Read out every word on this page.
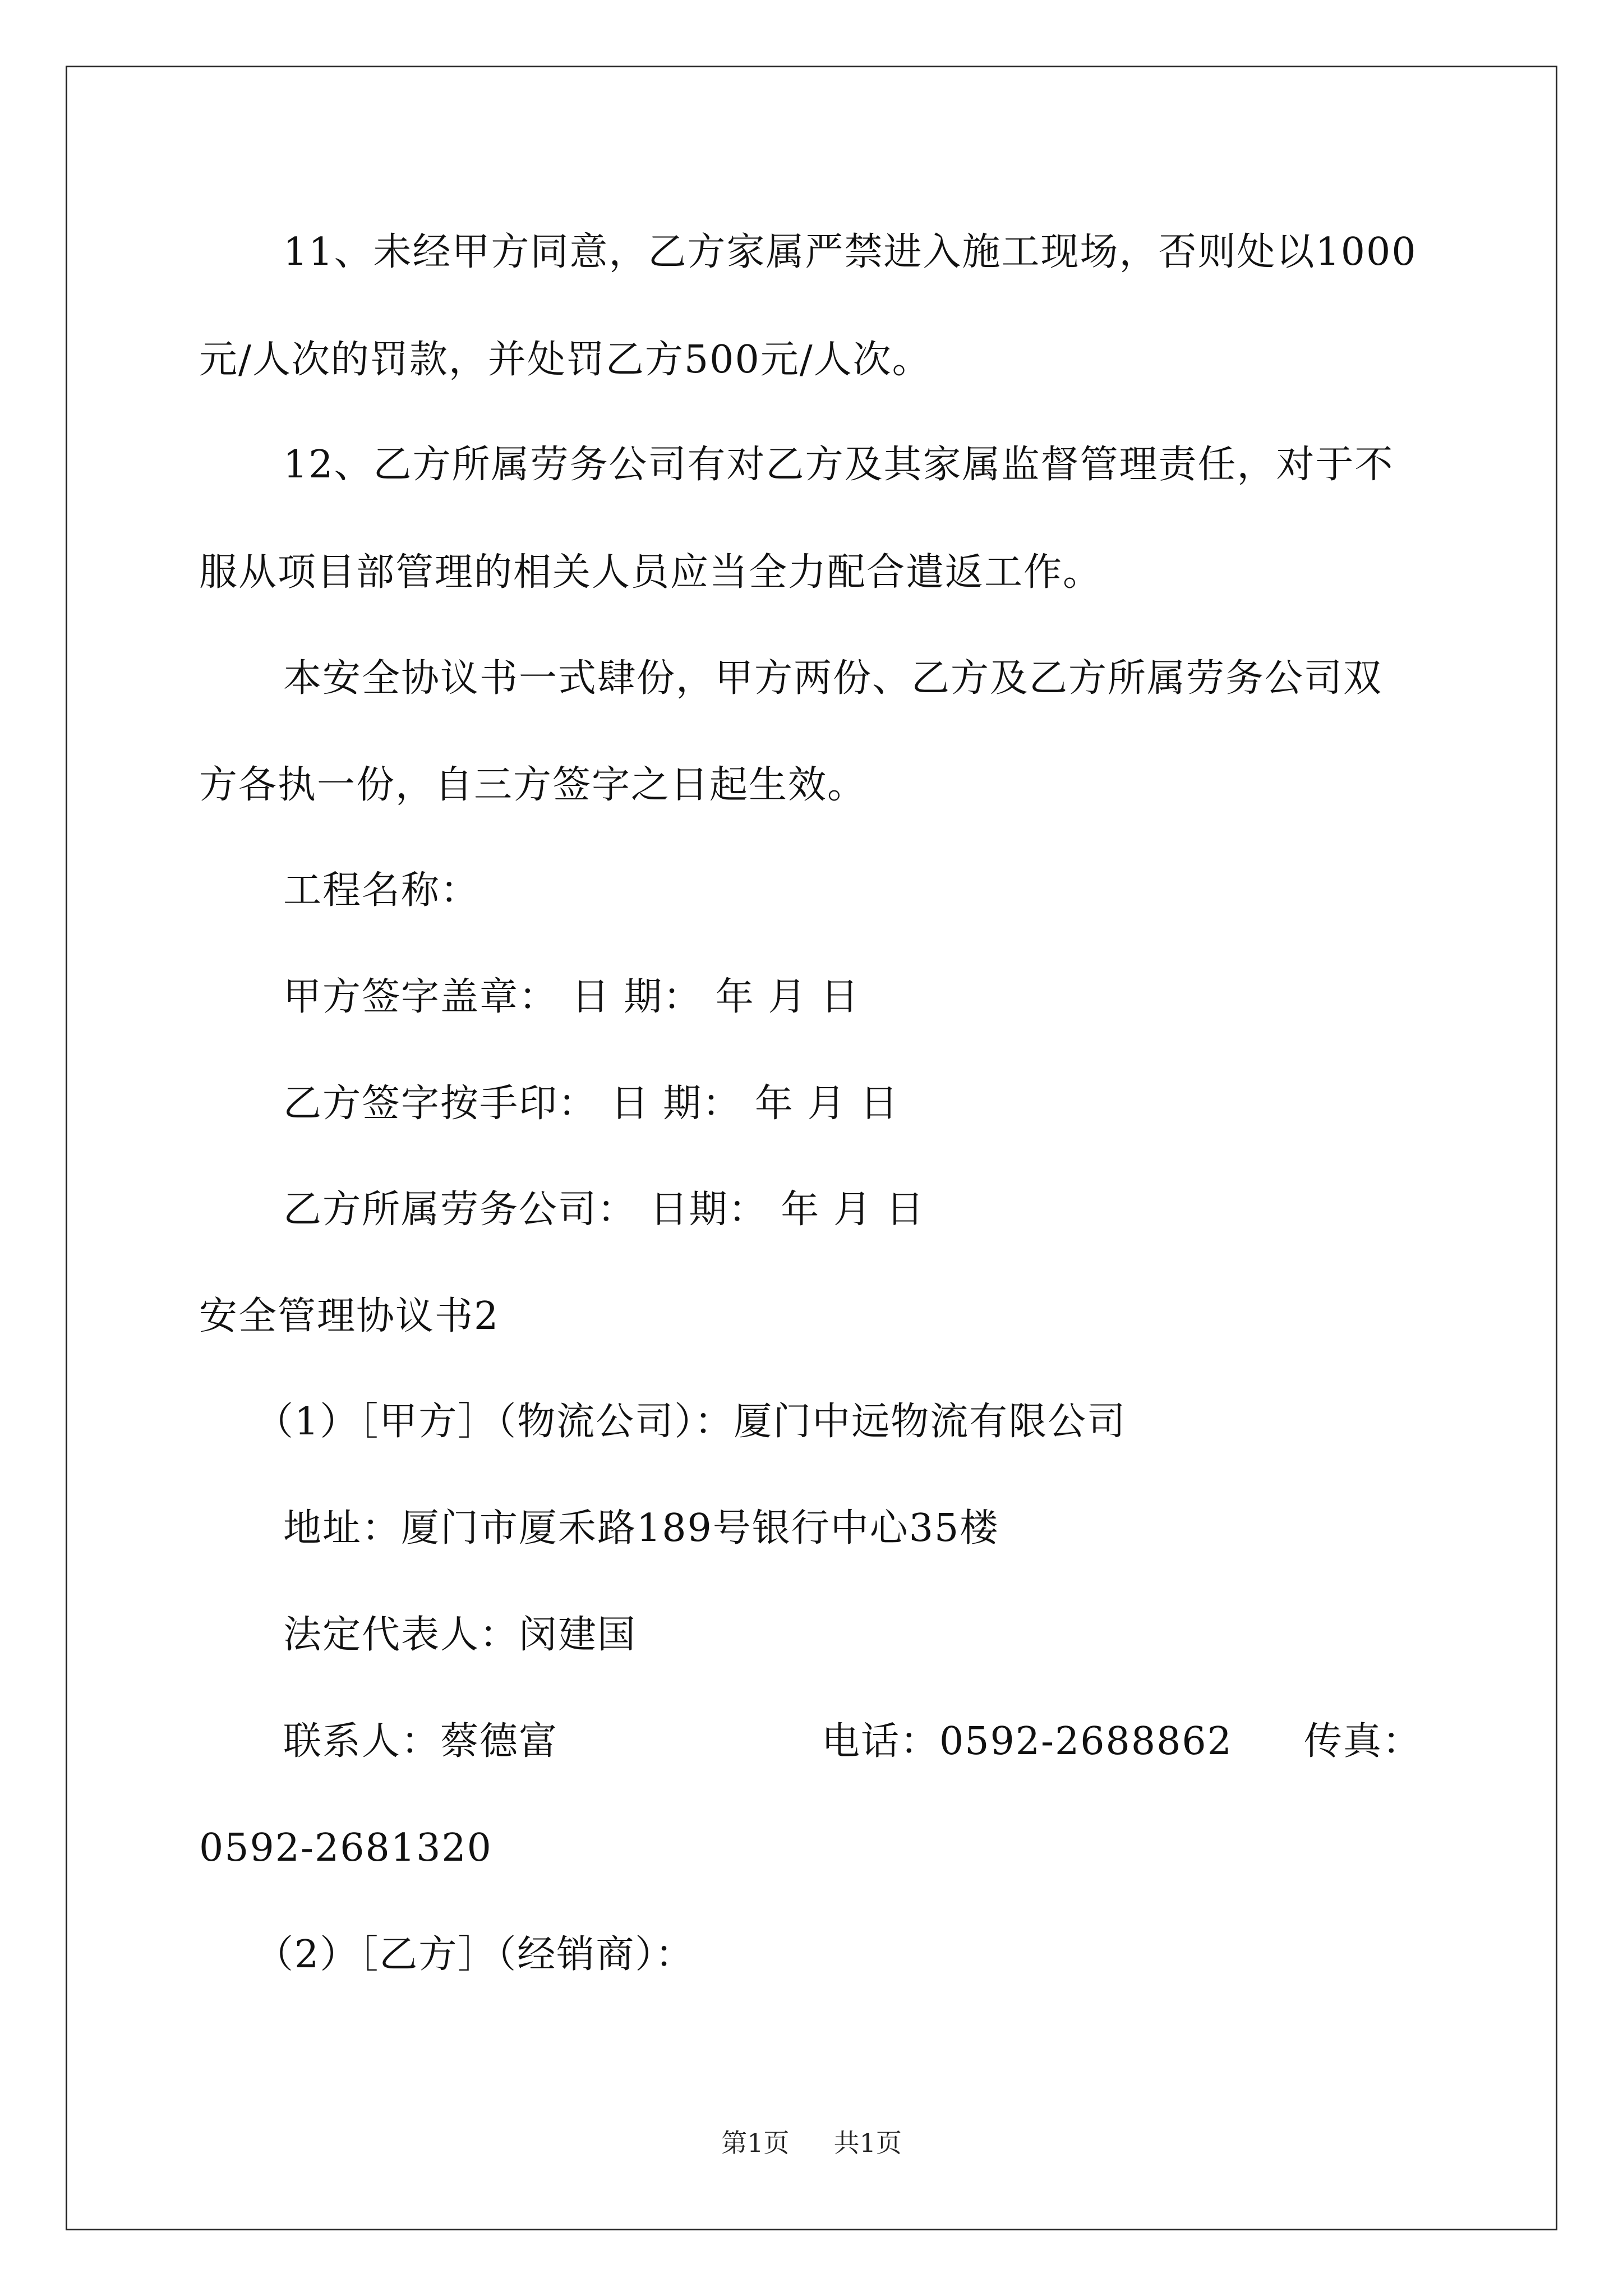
11、未经甲方同意，乙方家属严禁进入施工现场，否则处以1000
元/人次的罚款，并处罚乙方500元/人次。
12、乙方所属劳务公司有对乙方及其家属监督管理责任，对于不
服从项目部管理的相关人员应当全力配合遣返工作。
本安全协议书一式肆份，甲方两份、乙方及乙方所属劳务公司双
方各执一份，自三方签字之日起生效。
工程名称：
甲方签字盖章： 日 期： 年 月 日
乙方签字按手印： 日 期： 年 月 日
乙方所属劳务公司： 日期： 年 月 日
安全管理协议书2
（1）［甲方］（物流公司）：厦门中远物流有限公司
地址：厦门市厦禾路189号银行中心35楼
法定代表人：闵建国
联系人：蔡德富	电话：0592-2688862 传真：
0592-2681320
（2）［乙方］（经销商）：
第1页 共1页
